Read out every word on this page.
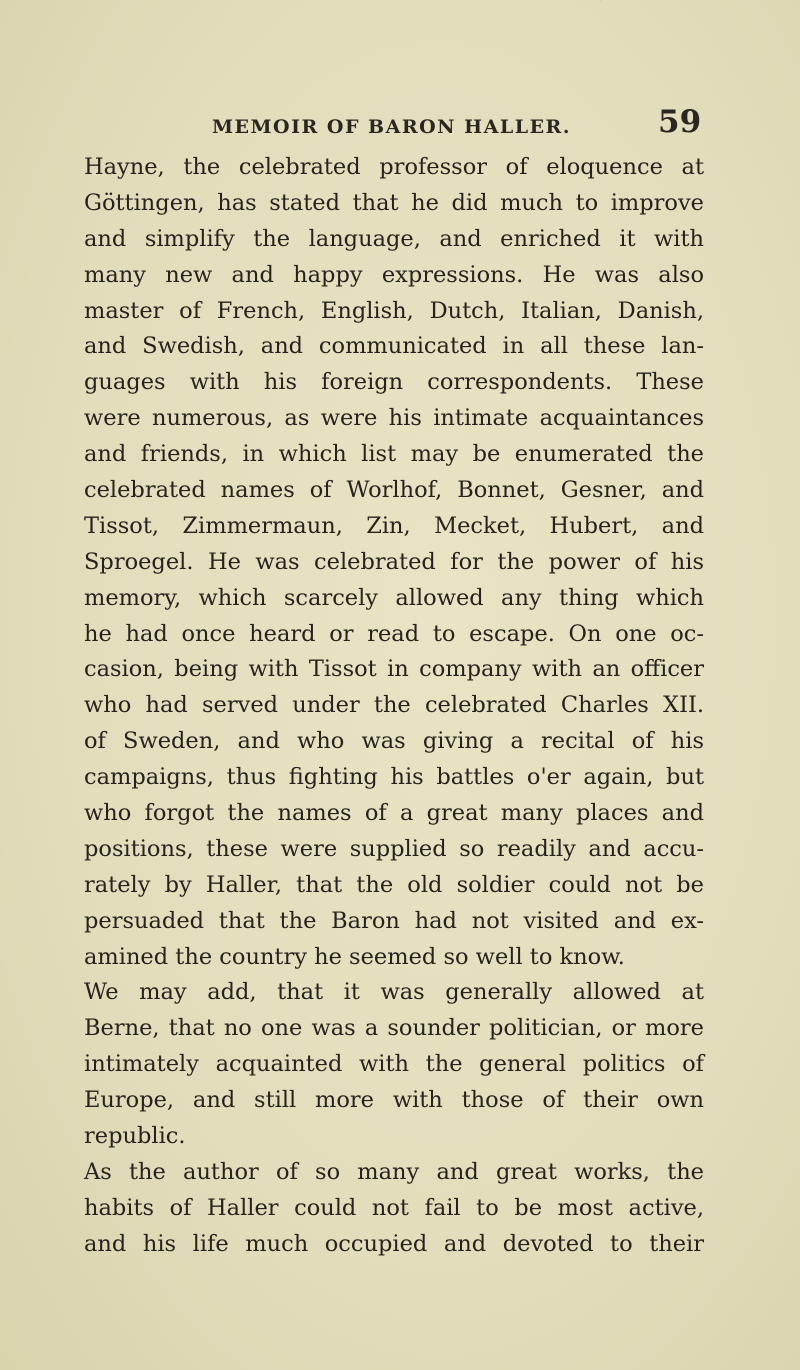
MEMOIR OF BARON HALLER.	59
Hayne, the celebrated professor of eloquence at
Göttingen, has stated that he did much to improve
and simplify the language, and enriched it with
many new and happy expressions. He was also
master of French, English, Dutch, Italian, Danish,
and Swedish, and communicated in all these lan-
guages with his foreign correspondents. These
were numerous, as were his intimate acquaintances
and friends, in which list may be enumerated the
celebrated names of Worlhof, Bonnet, Gesner, and
Tissot, Zimmermaun, Zin, Mecket, Hubert, and
Sproegel. He was celebrated for the power of his
memory, which scarcely allowed any thing which
he had once heard or read to escape. On one oc-
casion, being with Tissot in company with an officer
who had served under the celebrated Charles XII.
of Sweden, and who was giving a recital of his
campaigns, thus fighting his battles o'er again, but
who forgot the names of a great many places and
positions, these were supplied so readily and accu-
rately by Haller, that the old soldier could not be
persuaded that the Baron had not visited and ex-
amined the country he seemed so well to know.
We may add, that it was generally allowed at
Berne, that no one was a sounder politician, or more
intimately acquainted with the general politics of
Europe, and still more with those of their own
republic.
As the author of so many and great works, the
habits of Haller could not fail to be most active,
and his life much occupied and devoted to their
